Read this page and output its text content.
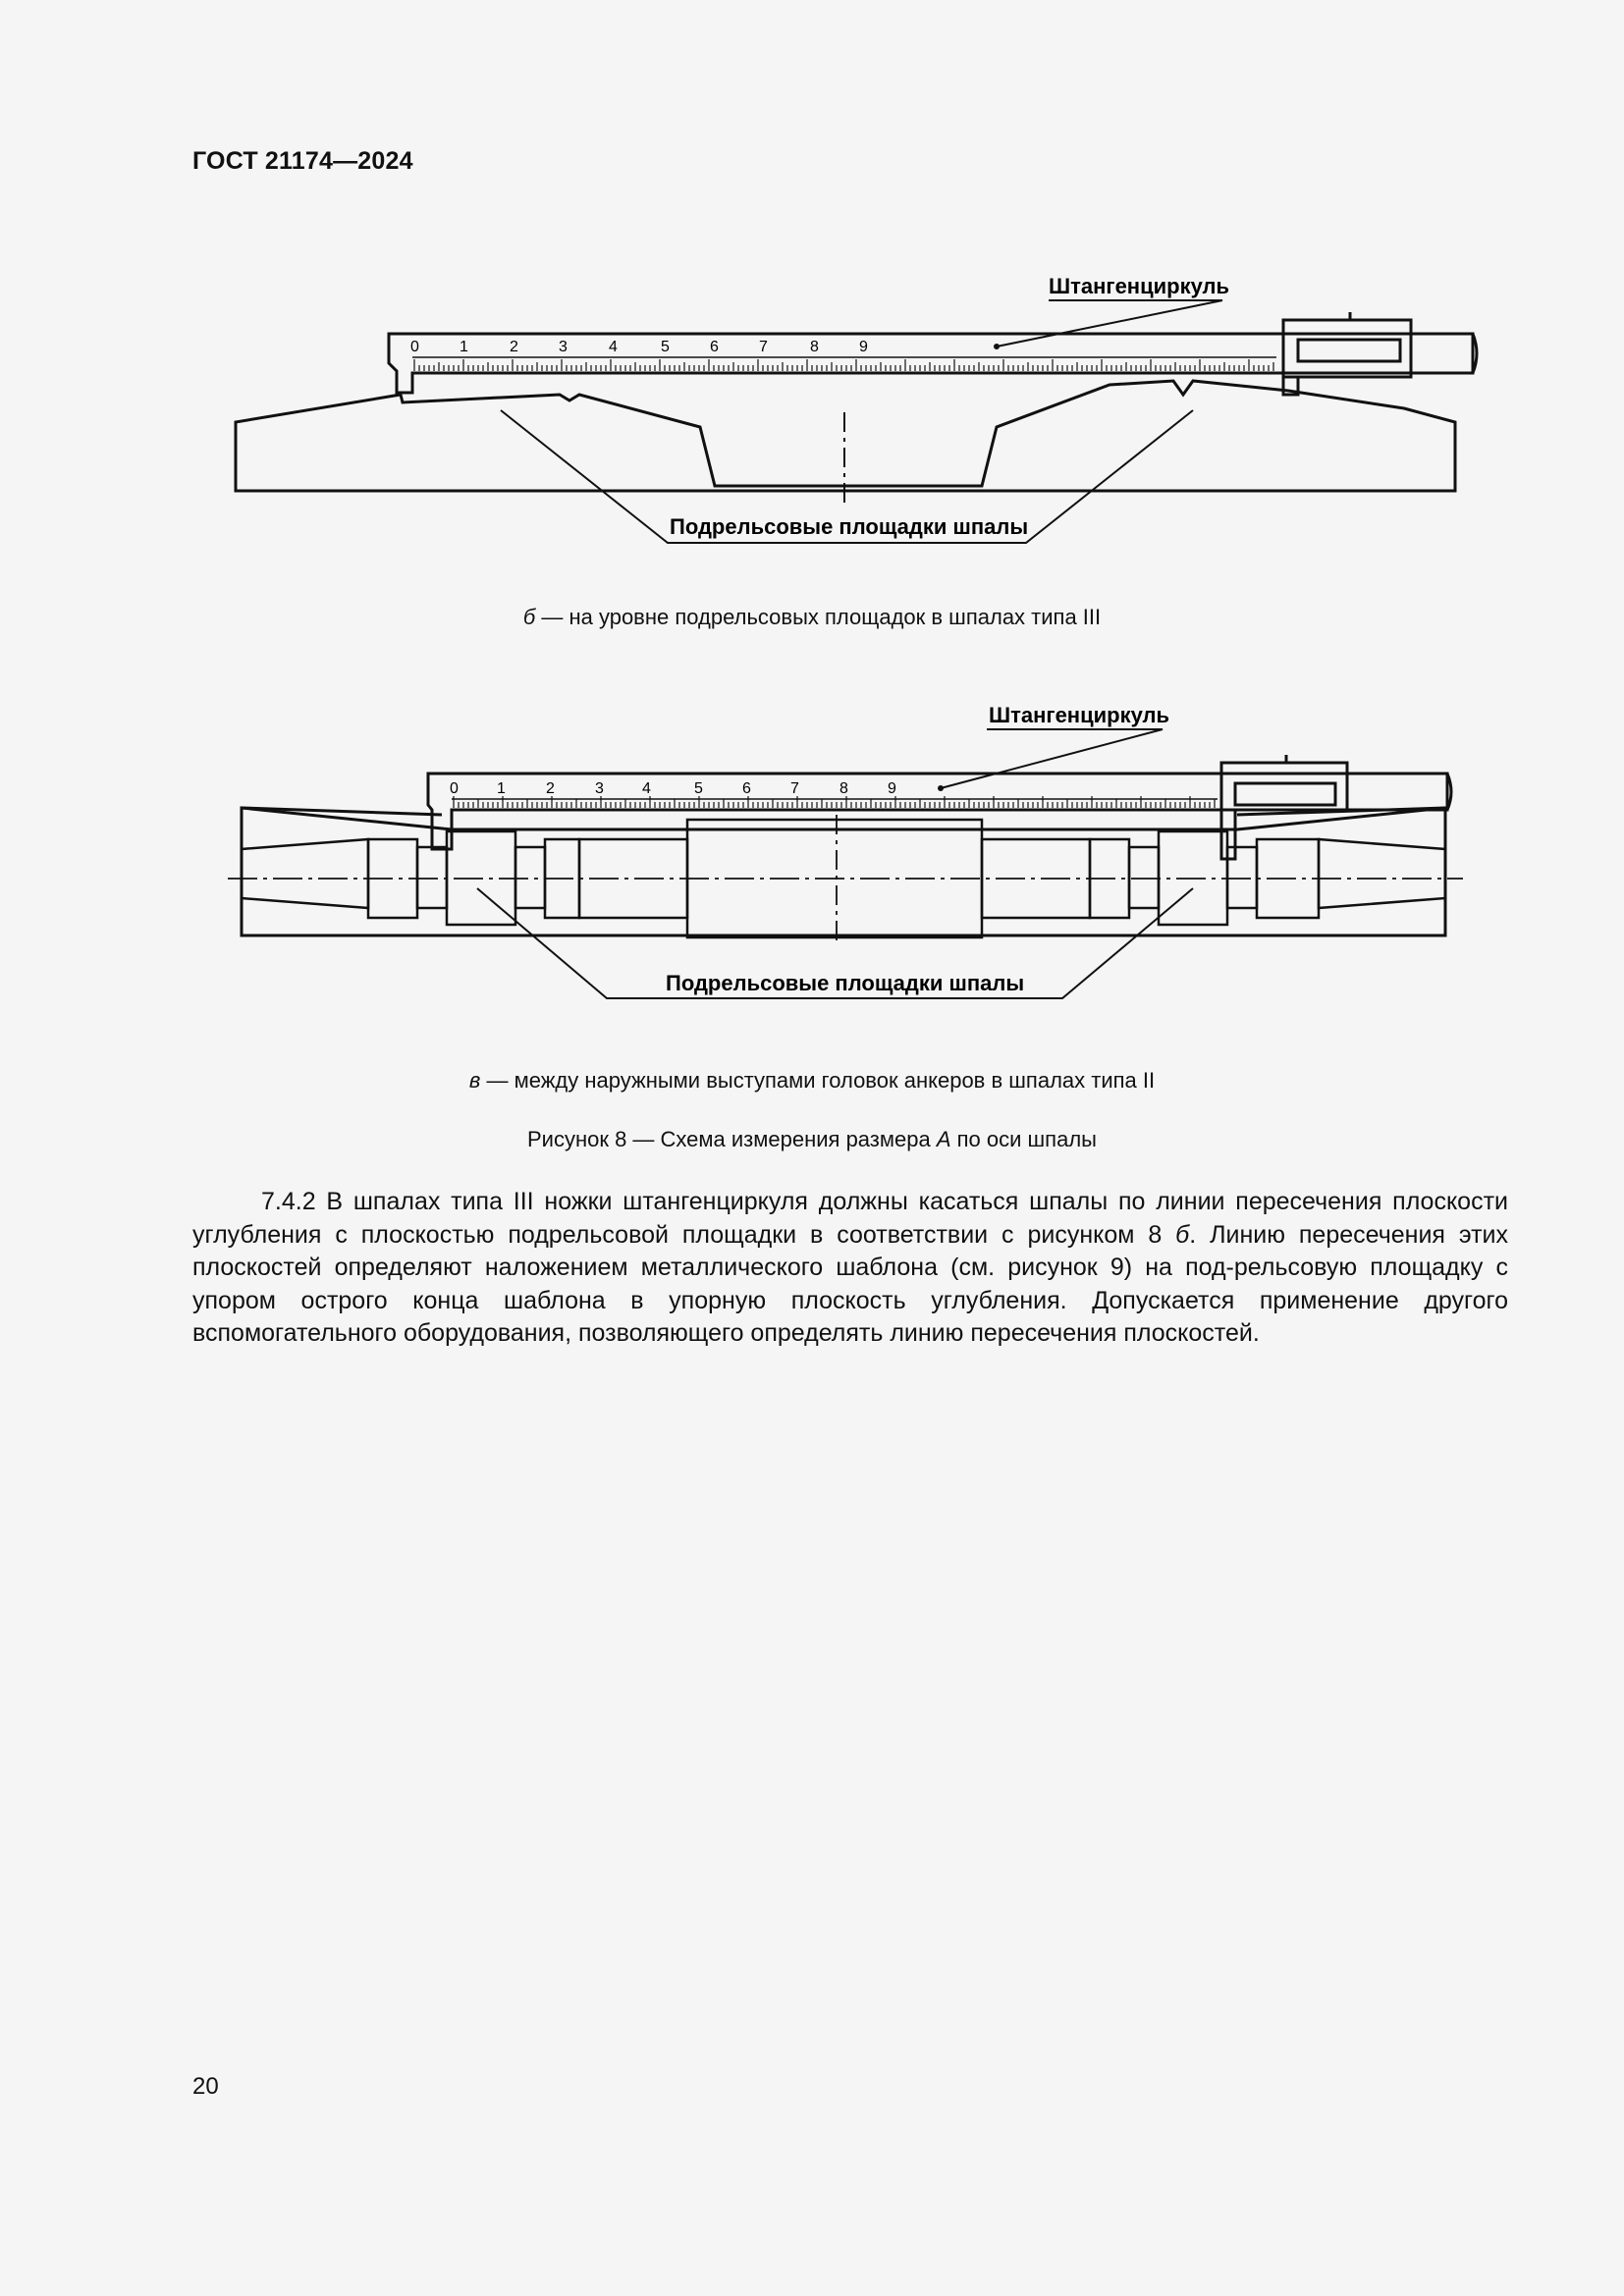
ГОСТ 21174—2024
Штангенциркуль
Подрельсовые площадки шпалы
0	1	2	3	4	5	6	7	8	9
б — на уровне подрельсовых площадок в шпалах типа III
Штангенциркуль
Подрельсовые площадки шпалы
0 1	2	3 4	5	6	7	8	9
в — между наружными выступами головок анкеров в шпалах типа II
Рисунок 8 — Схема измерения размера A по оси шпалы
7.4.2 В шпалах типа III ножки штангенциркуля должны касаться шпалы по линии пересечения плоскости углубления с плоскостью подрельсовой площадки в соответствии с рисунком 8 б. Линию пересечения этих плоскостей определяют наложением металлического шаблона (см. рисунок 9) на под-рельсовую площадку с упором острого конца шаблона в упорную плоскость углубления. Допускается применение другого вспомогательного оборудования, позволяющего определять линию пересечения плоскостей.
20
